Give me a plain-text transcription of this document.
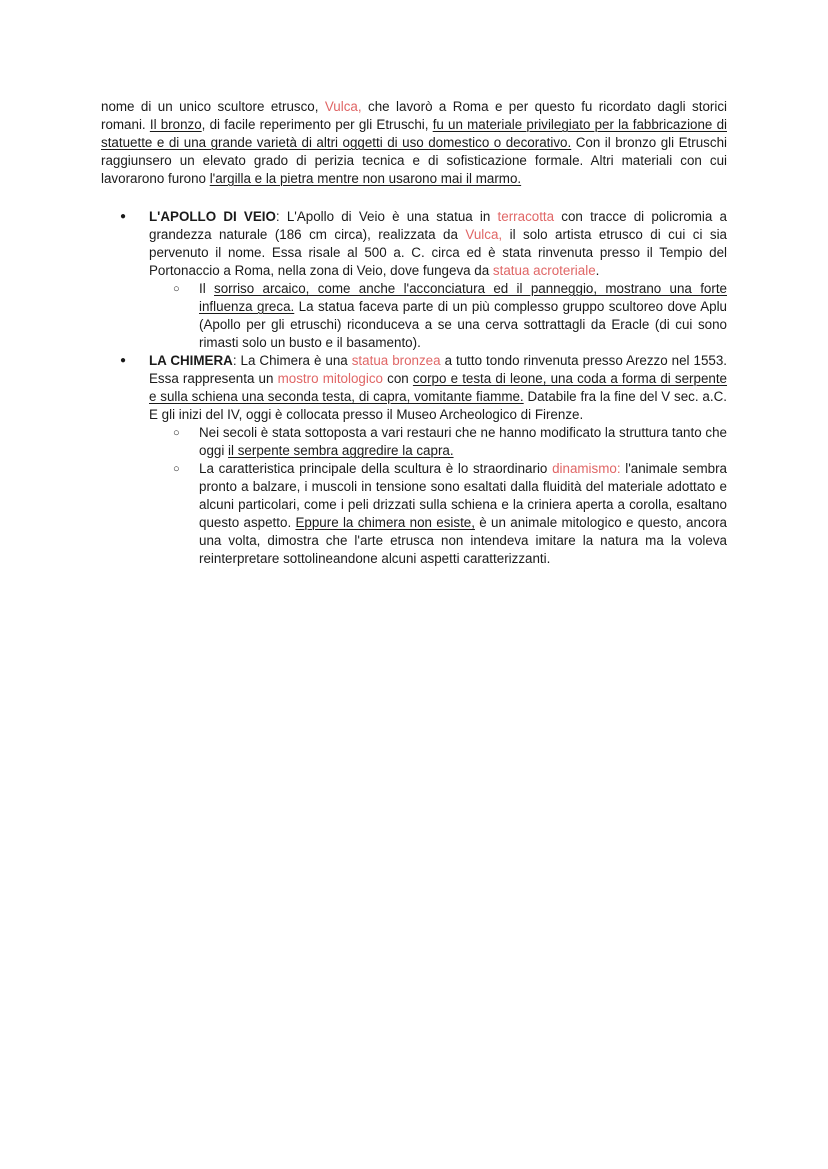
nome di un unico scultore etrusco, Vulca, che lavorò a Roma e per questo fu ricordato dagli storici romani. Il bronzo, di facile reperimento per gli Etruschi, fu un materiale privilegiato per la fabbricazione di statuette e di una grande varietà di altri oggetti di uso domestico o decorativo. Con il bronzo gli Etruschi raggiunsero un elevato grado di perizia tecnica e di sofisticazione formale. Altri materiali con cui lavorarono furono l'argilla e la pietra mentre non usarono mai il marmo.

● L'APOLLO DI VEIO: L'Apollo di Veio è una statua in terracotta con tracce di policromia a grandezza naturale (186 cm circa), realizzata da Vulca, il solo artista etrusco di cui ci sia pervenuto il nome. Essa risale al 500 a. C. circa ed è stata rinvenuta presso il Tempio del Portonaccio a Roma, nella zona di Veio, dove fungeva da statua acroteriale.
○ Il sorriso arcaico, come anche l'acconciatura ed il panneggio, mostrano una forte influenza greca. La statua faceva parte di un più complesso gruppo scultoreo dove Aplu (Apollo per gli etruschi) riconduceva a se una cerva sottrattagli da Eracle (di cui sono rimasti solo un busto e il basamento).
● LA CHIMERA: La Chimera è una statua bronzea a tutto tondo rinvenuta presso Arezzo nel 1553. Essa rappresenta un mostro mitologico con corpo e testa di leone, una coda a forma di serpente e sulla schiena una seconda testa, di capra, vomitante fiamme. Databile fra la fine del V sec. a.C. E gli inizi del IV, oggi è collocata presso il Museo Archeologico di Firenze.
○ Nei secoli è stata sottoposta a vari restauri che ne hanno modificato la struttura tanto che oggi il serpente sembra aggredire la capra.
○ La caratteristica principale della scultura è lo straordinario dinamismo: l'animale sembra pronto a balzare, i muscoli in tensione sono esaltati dalla fluidità del materiale adottato e alcuni particolari, come i peli drizzati sulla schiena e la criniera aperta a corolla, esaltano questo aspetto. Eppure la chimera non esiste, è un animale mitologico e questo, ancora una volta, dimostra che l'arte etrusca non intendeva imitare la natura ma la voleva reinterpretare sottolineandone alcuni aspetti caratterizzanti.
